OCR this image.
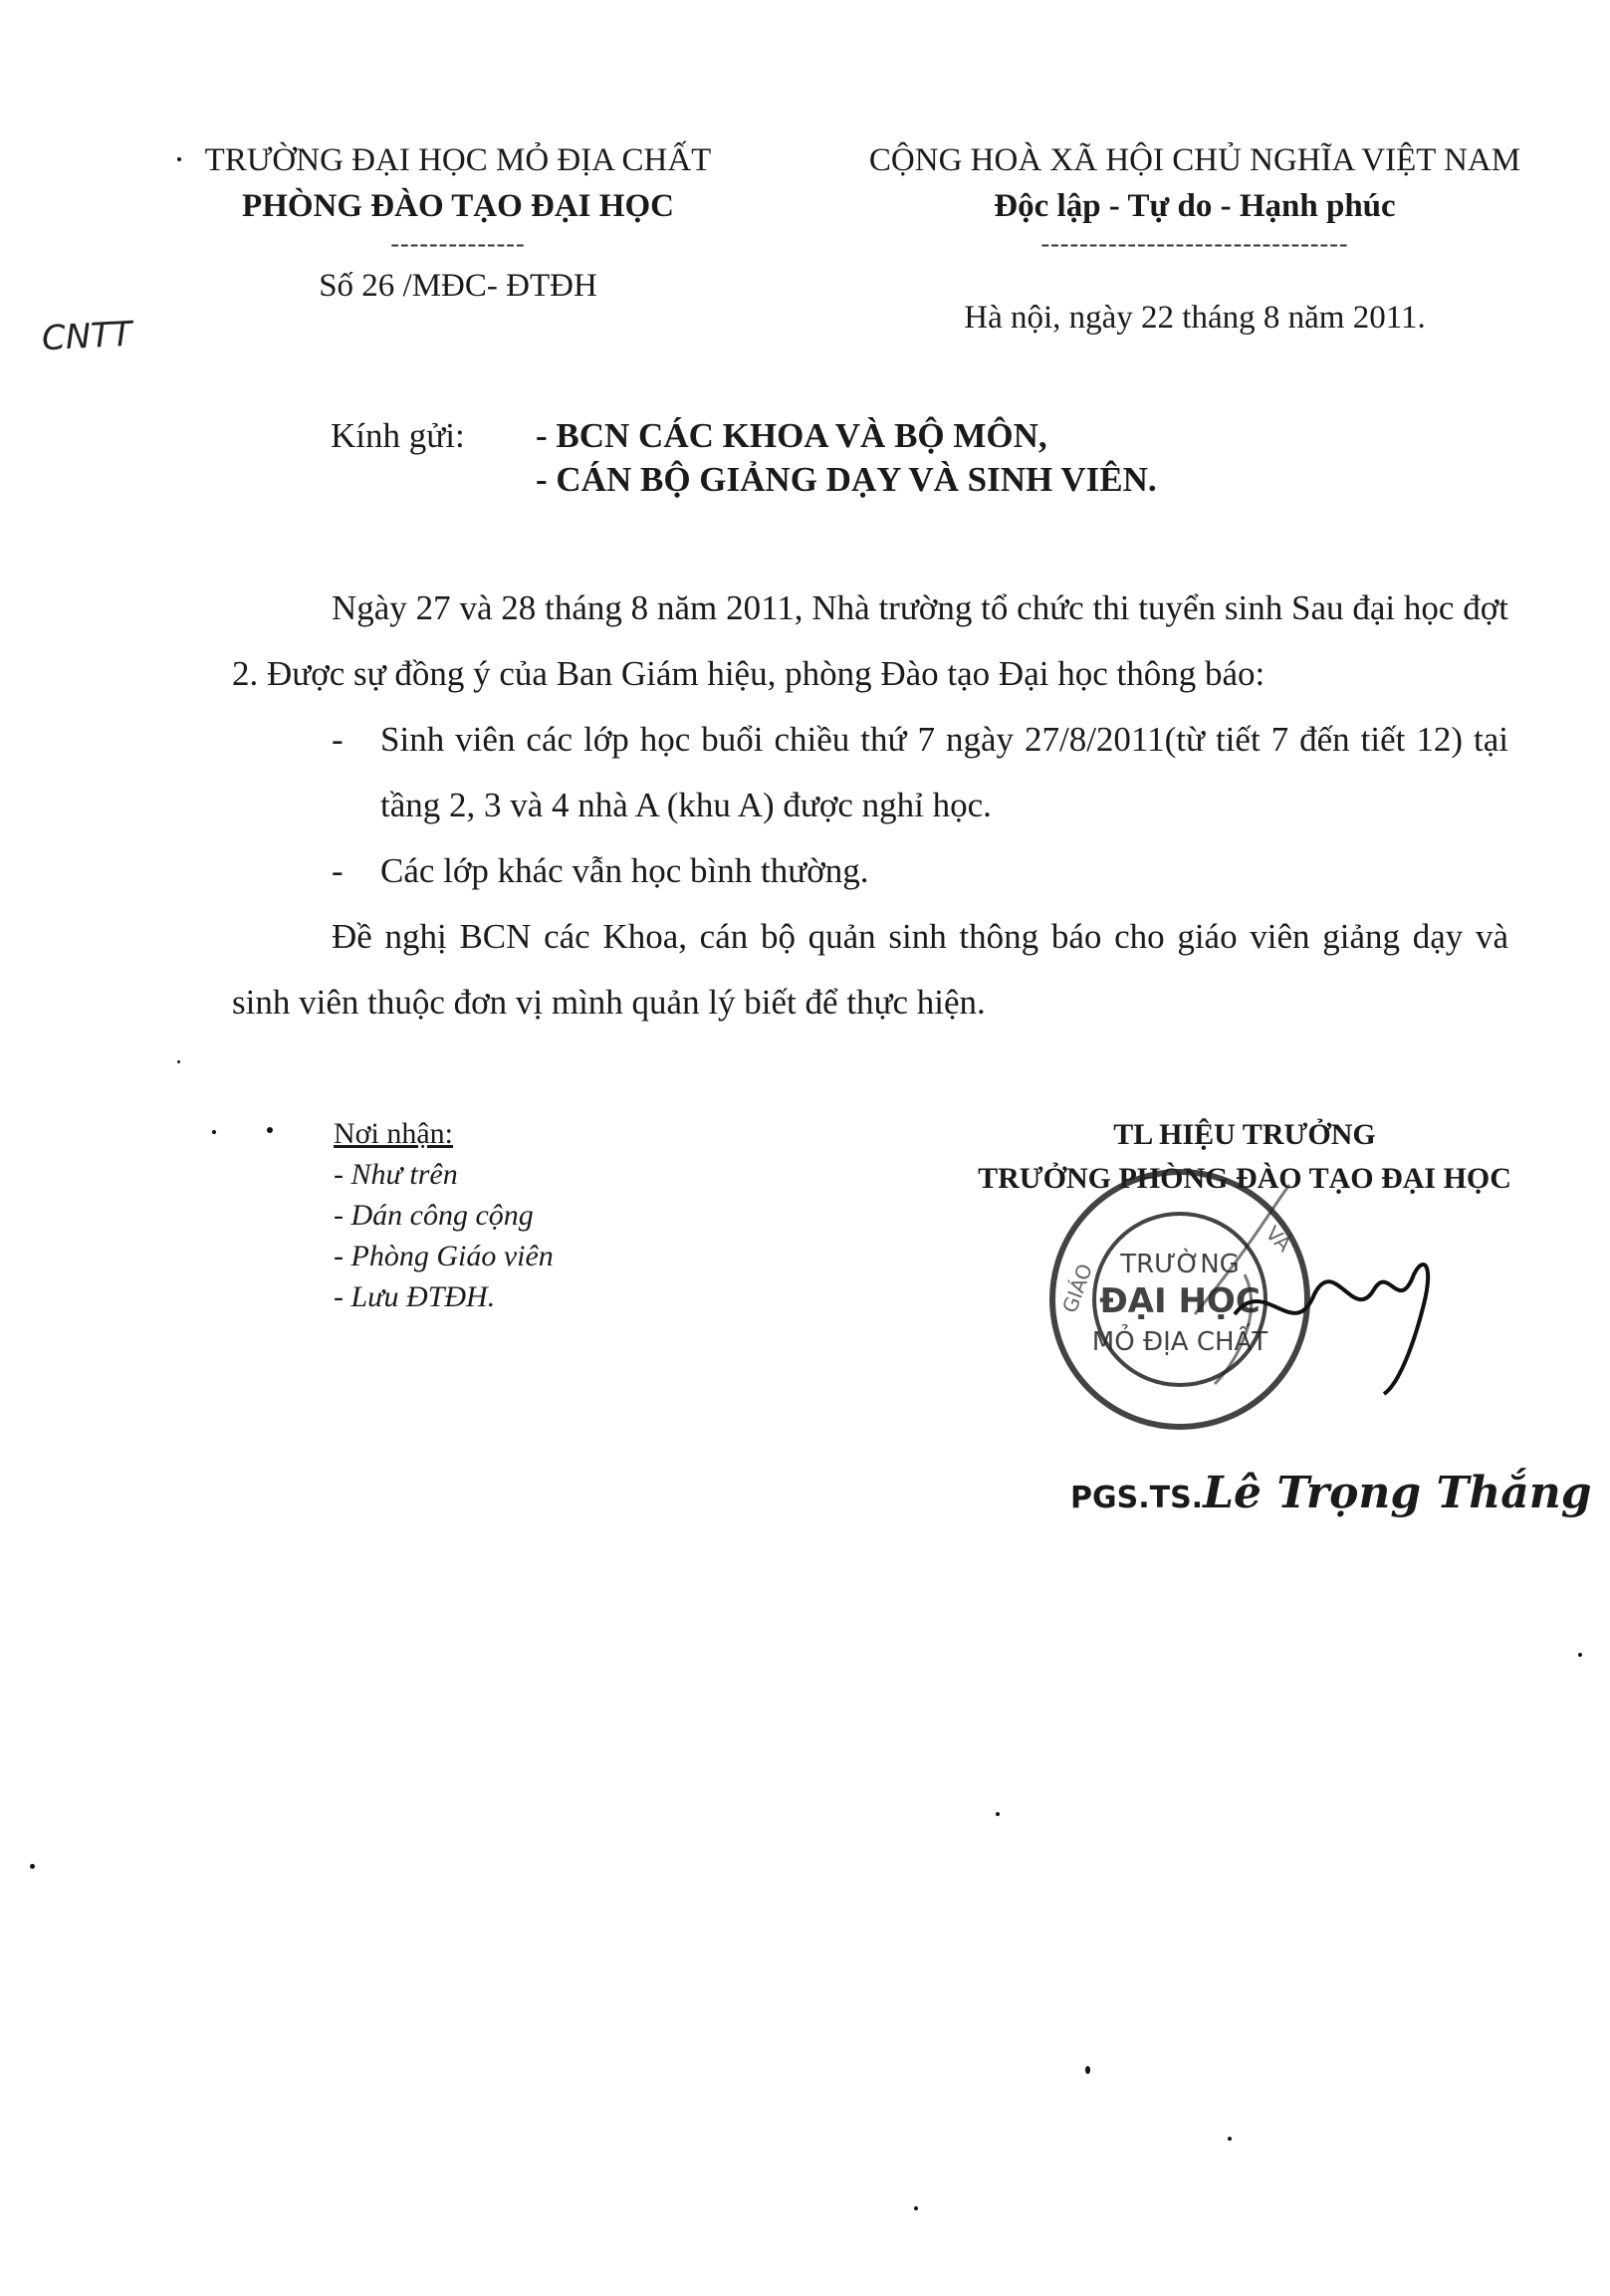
TRƯỜNG ĐẠI HỌC MỎ ĐỊA CHẤT
PHÒNG ĐÀO TẠO ĐẠI HỌC
--------------
Số 26 /MĐC- ĐTĐH
CỘNG HOÀ XÃ HỘI CHỦ NGHĨA VIỆT NAM
Độc lập - Tự do - Hạnh phúc
--------------------------------
Hà nội, ngày 22 tháng 8 năm 2011.
CNTT
Kính gửi: - BCN CÁC KHOA VÀ BỘ MÔN,
- CÁN BỘ GIẢNG DẠY VÀ SINH VIÊN.
Ngày 27 và 28 tháng 8 năm 2011, Nhà trường tổ chức thi tuyển sinh Sau đại học đợt 2. Được sự đồng ý của Ban Giám hiệu, phòng Đào tạo Đại học thông báo:
- Sinh viên các lớp học buổi chiều thứ 7 ngày 27/8/2011(từ tiết 7 đến tiết 12) tại tầng 2, 3 và 4 nhà A (khu A) được nghỉ học.
- Các lớp khác vẫn học bình thường.
Đề nghị BCN các Khoa, cán bộ quản sinh thông báo cho giáo viên giảng dạy và sinh viên thuộc đơn vị mình quản lý biết để thực hiện.
Nơi nhận:
- Như trên
- Dán công cộng
- Phòng Giáo viên
- Lưu ĐTĐH.
TL HIỆU TRƯỞNG
TRƯỞNG PHÒNG ĐÀO TẠO ĐẠI HỌC
TRƯỜNG
ĐẠI HỌC
MỎ ĐỊA CHẤT
GIÁO
VÀ
PGS.TS.Lê Trọng Thắng
